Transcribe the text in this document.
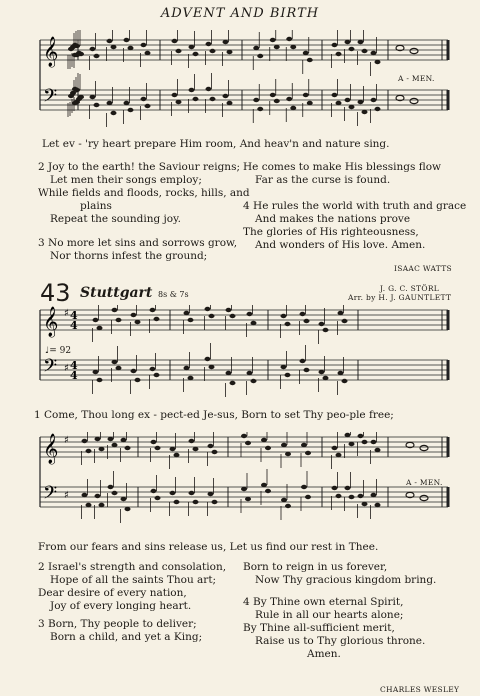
ADVENT AND BIRTH
𝄞
𝄢
A - MEN.
Let ev - 'ry heart prepare Him room, And heav'n and nature sing.
2 Joy to the earth! the Saviour reigns;
Let men their songs employ;
While fields and floods, rocks, hills, and
plains
Repeat the sounding joy.
3 No more let sins and sorrows grow,
Nor thorns infest the ground;
He comes to make His blessings flow
Far as the curse is found.
4 He rules the world with truth and grace
And makes the nations prove
The glories of His righteousness,
And wonders of His love. Amen.
ISAAC WATTS
43 Stuttgart 8s & 7s
J. G. C. STÖRL
Arr. by H. J. GAUNTLETT
𝄞
𝄢
4
4
4
4
♯
♯
♩= 92
1 Come, Thou long ex - pect-ed Je-sus, Born to set Thy peo-ple free;
𝄞
𝄢
♯
♯
A - MEN.
From our fears and sins release us, Let us find our rest in Thee.
2 Israel's strength and consolation,
Hope of all the saints Thou art;
Dear desire of every nation,
Joy of every longing heart.
3 Born, Thy people to deliver;
Born a child, and yet a King;
Born to reign in us forever,
Now Thy gracious kingdom bring.
4 By Thine own eternal Spirit,
Rule in all our hearts alone;
By Thine all-sufficient merit,
Raise us to Thy glorious throne.
Amen.
CHARLES WESLEY
